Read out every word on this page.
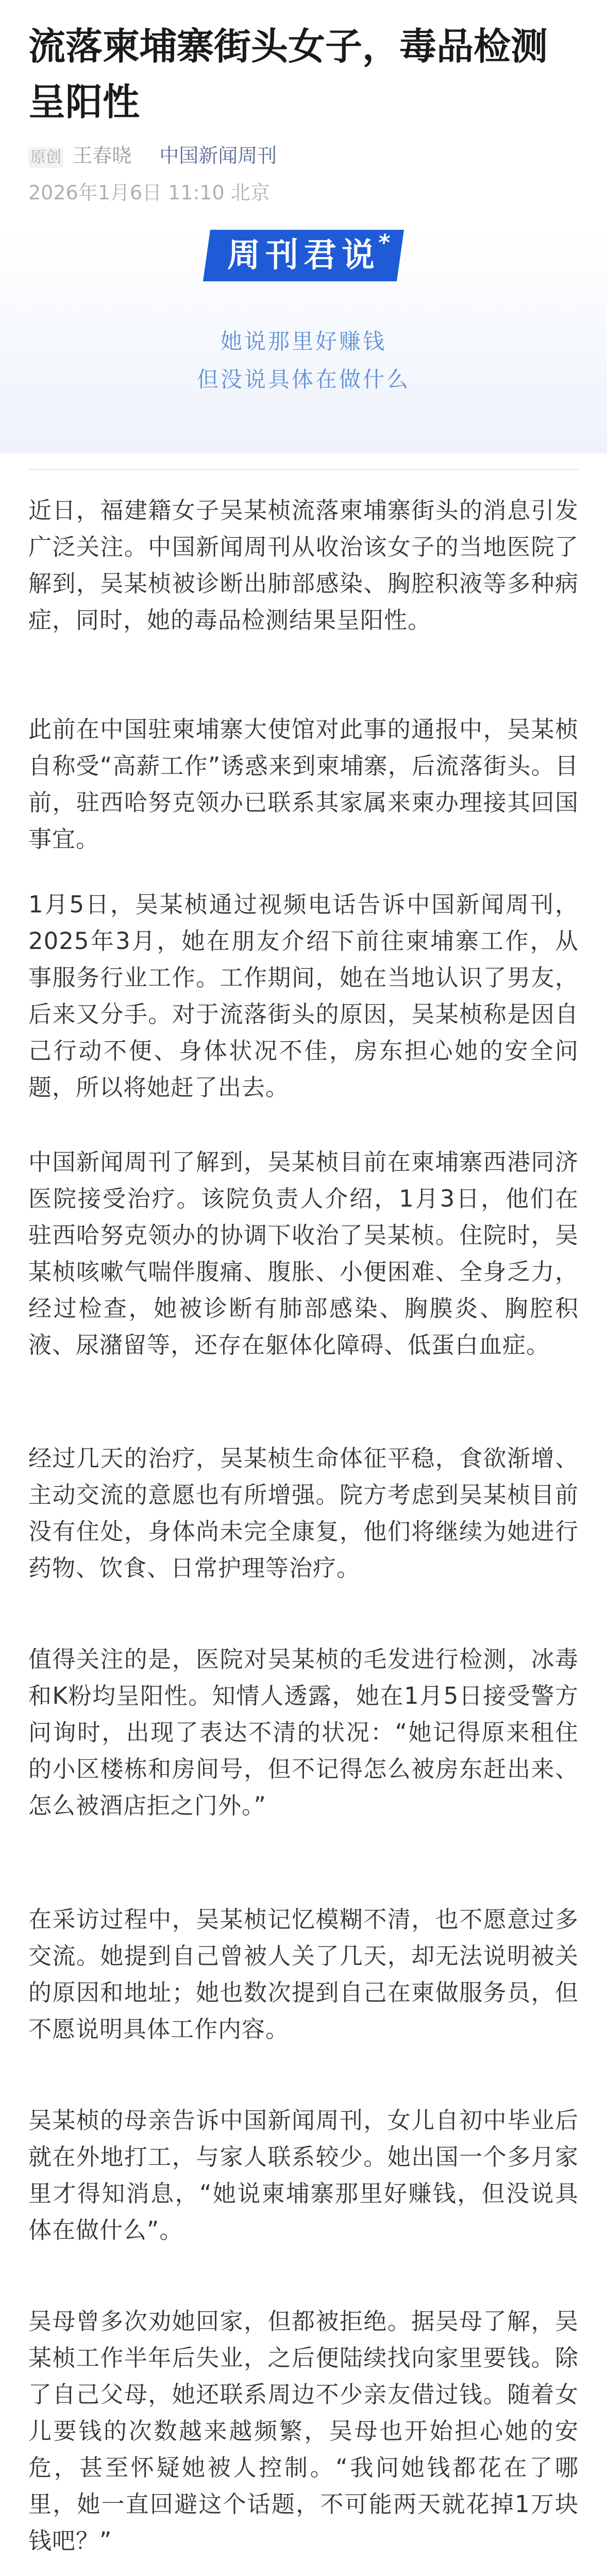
流落柬埔寨街头女子，毒品检测呈阳性
原创 王春晓 中国新闻周刊
2026年1月6日 11:10 北京
周刊君说
*
她说那里好赚钱
但没说具体在做什么

近日，福建籍女子吴某桢流落柬埔寨街头的消息引发广泛关注。中国新闻周刊从收治该女子的当地医院了解到，吴某桢被诊断出肺部感染、胸腔积液等多种病症，同时，她的毒品检测结果呈阳性。

此前在中国驻柬埔寨大使馆对此事的通报中，吴某桢自称受“高薪工作”诱惑来到柬埔寨，后流落街头。目前，驻西哈努克领办已联系其家属来柬办理接其回国事宜。

1月5日，吴某桢通过视频电话告诉中国新闻周刊，2025年3月，她在朋友介绍下前往柬埔寨工作，从事服务行业工作。工作期间，她在当地认识了男友，后来又分手。对于流落街头的原因，吴某桢称是因自己行动不便、身体状况不佳，房东担心她的安全问题，所以将她赶了出去。

中国新闻周刊了解到，吴某桢目前在柬埔寨西港同济医院接受治疗。该院负责人介绍，1月3日，他们在驻西哈努克领办的协调下收治了吴某桢。住院时，吴某桢咳嗽气喘伴腹痛、腹胀、小便困难、全身乏力，经过检查，她被诊断有肺部感染、胸膜炎、胸腔积液、尿潴留等，还存在躯体化障碍、低蛋白血症。

经过几天的治疗，吴某桢生命体征平稳，食欲渐增、主动交流的意愿也有所增强。院方考虑到吴某桢目前没有住处，身体尚未完全康复，他们将继续为她进行药物、饮食、日常护理等治疗。

值得关注的是，医院对吴某桢的毛发进行检测，冰毒和K粉均呈阳性。知情人透露，她在1月5日接受警方问询时，出现了表达不清的状况：“她记得原来租住的小区楼栋和房间号，但不记得怎么被房东赶出来、怎么被酒店拒之门外。”

在采访过程中，吴某桢记忆模糊不清，也不愿意过多交流。她提到自己曾被人关了几天，却无法说明被关的原因和地址；她也数次提到自己在柬做服务员，但不愿说明具体工作内容。

吴某桢的母亲告诉中国新闻周刊，女儿自初中毕业后就在外地打工，与家人联系较少。她出国一个多月家里才得知消息，“她说柬埔寨那里好赚钱，但没说具体在做什么”。

吴母曾多次劝她回家，但都被拒绝。据吴母了解，吴某桢工作半年后失业，之后便陆续找向家里要钱。除了自己父母，她还联系周边不少亲友借过钱。随着女儿要钱的次数越来越频繁，吴母也开始担心她的安危，甚至怀疑她被人控制。“我问她钱都花在了哪里，她一直回避这个话题，不可能两天就花掉1万块钱吧？”
